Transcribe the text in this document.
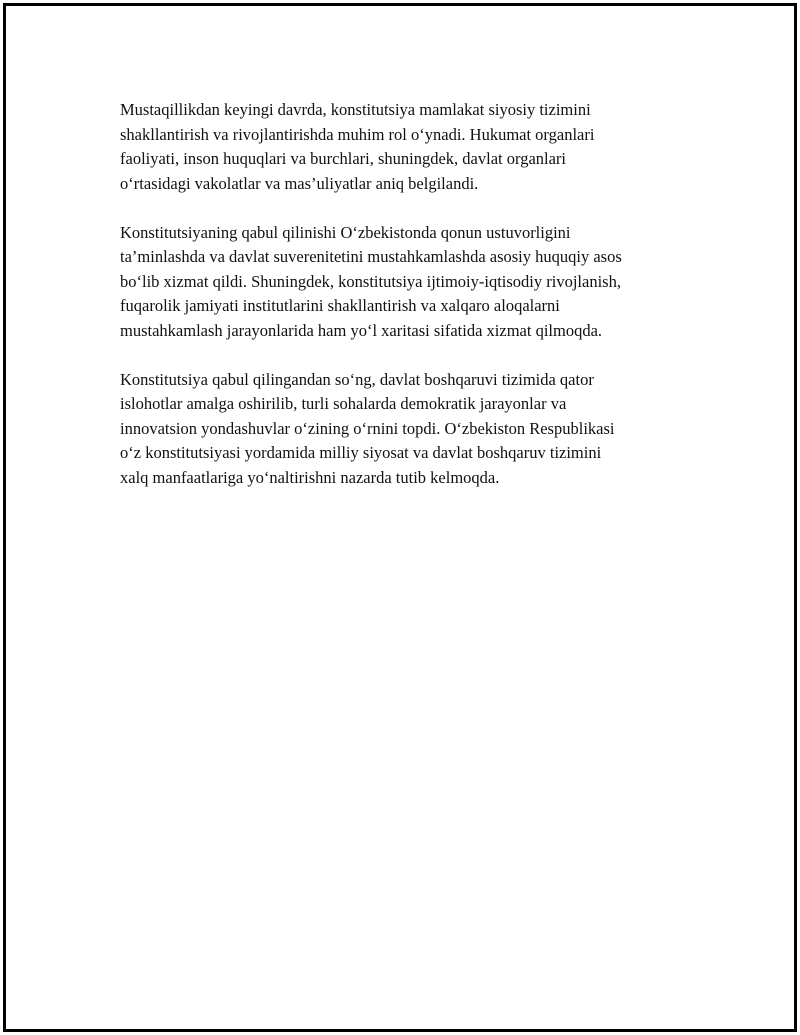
Mustaqillikdan keyingi davrda, konstitutsiya mamlakat siyosiy tizimini
shakllantirish va rivojlantirishda muhim rol o‘ynadi. Hukumat organlari
faoliyati, inson huquqlari va burchlari, shuningdek, davlat organlari
o‘rtasidagi vakolatlar va mas’uliyatlar aniq belgilandi.

Konstitutsiyaning qabul qilinishi O‘zbekistonda qonun ustuvorligini
ta’minlashda va davlat suverenitetini mustahkamlashda asosiy huquqiy asos
bo‘lib xizmat qildi. Shuningdek, konstitutsiya ijtimoiy-iqtisodiy rivojlanish,
fuqarolik jamiyati institutlarini shakllantirish va xalqaro aloqalarni
mustahkamlash jarayonlarida ham yo‘l xaritasi sifatida xizmat qilmoqda.

Konstitutsiya qabul qilingandan so‘ng, davlat boshqaruvi tizimida qator
islohotlar amalga oshirilib, turli sohalarda demokratik jarayonlar va
innovatsion yondashuvlar o‘zining o‘rnini topdi. O‘zbekiston Respublikasi
o‘z konstitutsiyasi yordamida milliy siyosat va davlat boshqaruv tizimini
xalq manfaatlariga yo‘naltirishni nazarda tutib kelmoqda.
